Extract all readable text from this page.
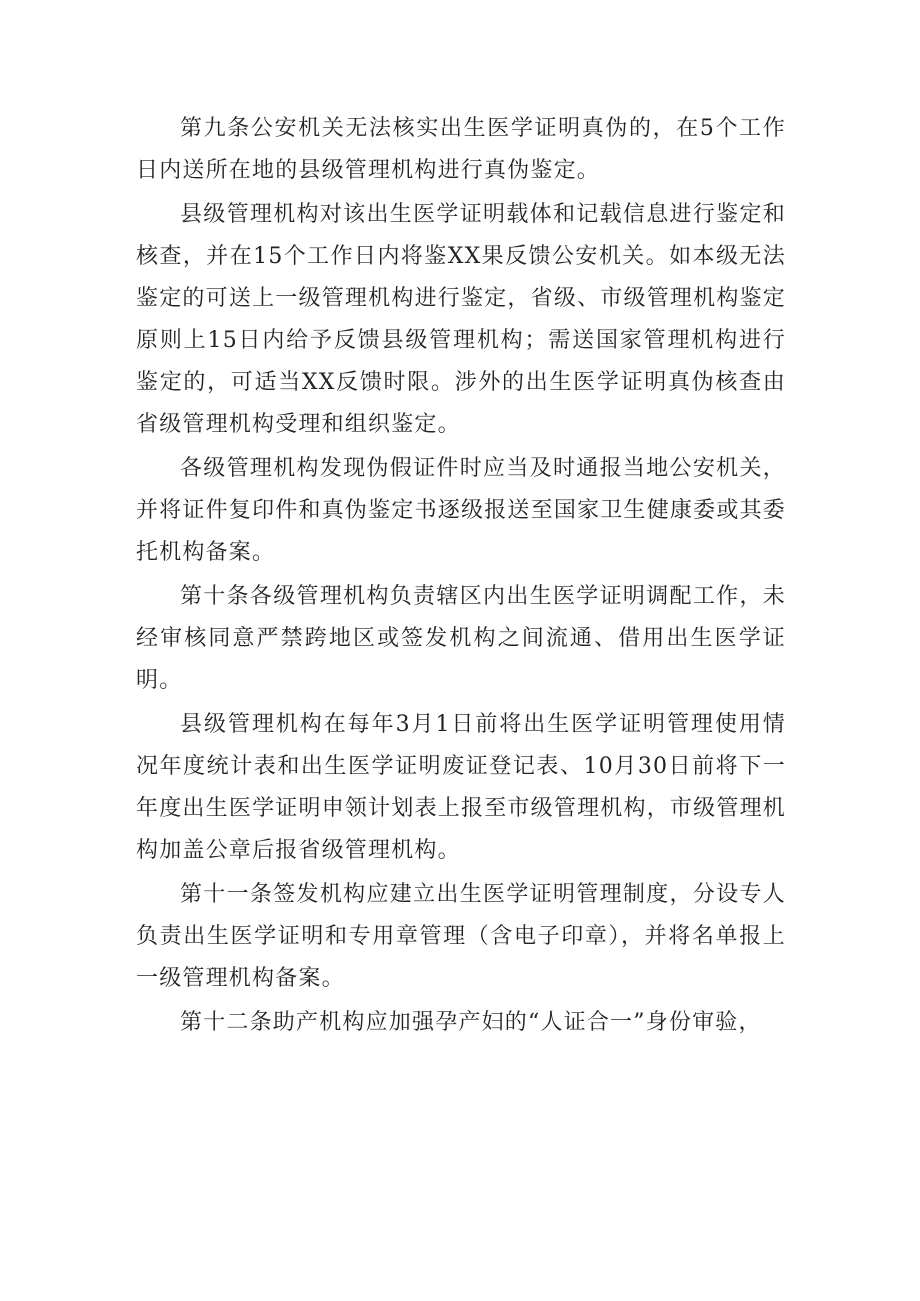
第九条公安机关无法核实出生医学证明真伪的，在5个工作日内送所在地的县级管理机构进行真伪鉴定。

县级管理机构对该出生医学证明载体和记载信息进行鉴定和核查，并在15个工作日内将鉴XX果反馈公安机关。如本级无法鉴定的可送上一级管理机构进行鉴定，省级、市级管理机构鉴定原则上15日内给予反馈县级管理机构；需送国家管理机构进行鉴定的，可适当XX反馈时限。涉外的出生医学证明真伪核查由省级管理机构受理和组织鉴定。

各级管理机构发现伪假证件时应当及时通报当地公安机关，并将证件复印件和真伪鉴定书逐级报送至国家卫生健康委或其委托机构备案。

第十条各级管理机构负责辖区内出生医学证明调配工作，未经审核同意严禁跨地区或签发机构之间流通、借用出生医学证明。

县级管理机构在每年3月1日前将出生医学证明管理使用情况年度统计表和出生医学证明废证登记表、10月30日前将下一年度出生医学证明申领计划表上报至市级管理机构，市级管理机构加盖公章后报省级管理机构。

第十一条签发机构应建立出生医学证明管理制度，分设专人负责出生医学证明和专用章管理（含电子印章），并将名单报上一级管理机构备案。

第十二条助产机构应加强孕产妇的“人证合一”身份审验，
